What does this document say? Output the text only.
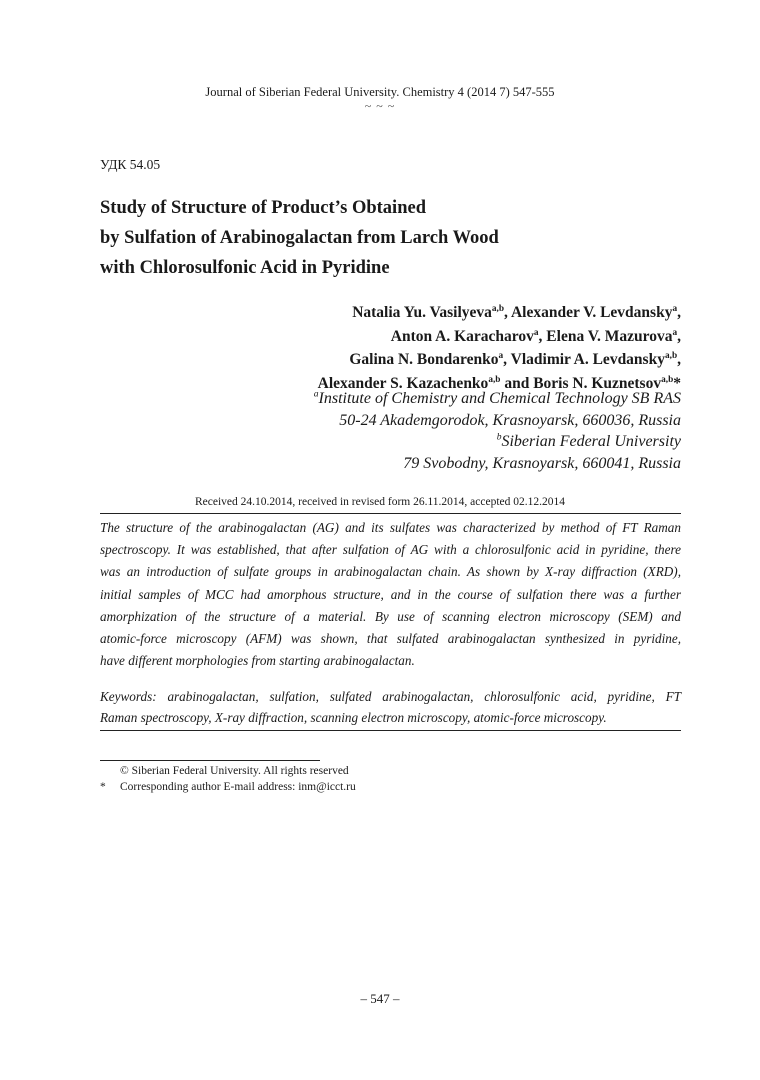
Journal of Siberian Federal University. Chemistry 4 (2014 7) 547-555
~ ~ ~
УДК 54.05
Study of Structure of Product’s Obtained
by Sulfation of Arabinogalactan from Larch Wood
with Chlorosulfonic Acid in Pyridine
Natalia Yu. Vasilyeva$^{a,b}$, Alexander V. Levdansky$^a$,
Anton A. Karacharov$^a$, Elena V. Mazurova$^a$,
Galina N. Bondarenko$^a$, Vladimir A. Levdansky$^{a,b}$,
Alexander S. Kazachenko$^{a,b}$ and Boris N. Kuznetsov$^{a,b}$*
$^a$Institute of Chemistry and Chemical Technology SB RAS
50-24 Akademgorodok, Krasnoyarsk, 660036, Russia
$^b$Siberian Federal University
79 Svobodny, Krasnoyarsk, 660041, Russia
Received 24.10.2014, received in revised form 26.11.2014, accepted 02.12.2014
The structure of the arabinogalactan (AG) and its sulfates was characterized by method of FT Raman
spectroscopy. It was established, that after sulfation of AG with a chlorosulfonic acid in pyridine, there
was an introduction of sulfate groups in arabinogalactan chain. As shown by X-ray diffraction (XRD),
initial samples of MCC had amorphous structure, and in the course of sulfation there was a further
amorphization of the structure of a material. By use of scanning electron microscopy (SEM) and
atomic-force microscopy (AFM) was shown, that sulfated arabinogalactan synthesized in pyridine,
have different morphologies from starting arabinogalactan.
Keywords: arabinogalactan, sulfation, sulfated arabinogalactan, chlorosulfonic acid, pyridine, FT
Raman spectroscopy, X-ray diffraction, scanning electron microscopy, atomic-force microscopy.
© Siberian Federal University. All rights reserved
*	Corresponding author E-mail address: inm@icct.ru
– 547 –
